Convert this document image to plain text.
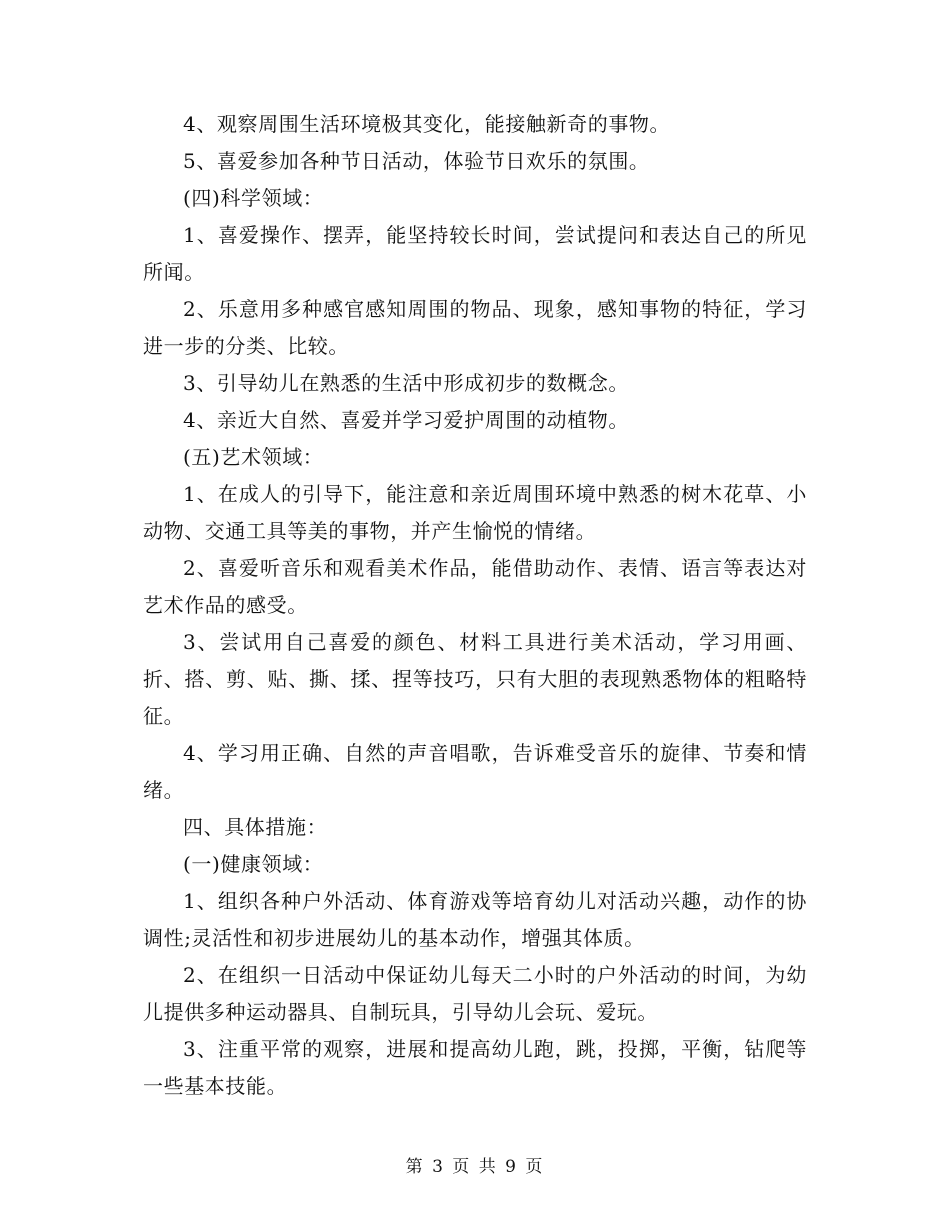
4、观察周围生活环境极其变化，能接触新奇的事物。

5、喜爱参加各种节日活动，体验节日欢乐的氛围。

(四)科学领域：

1、喜爱操作、摆弄，能坚持较长时间，尝试提问和表达自己的所见所闻。

2、乐意用多种感官感知周围的物品、现象，感知事物的特征，学习进一步的分类、比较。

3、引导幼儿在熟悉的生活中形成初步的数概念。

4、亲近大自然、喜爱并学习爱护周围的动植物。

(五)艺术领域：

1、在成人的引导下，能注意和亲近周围环境中熟悉的树木花草、小动物、交通工具等美的事物，并产生愉悦的情绪。

2、喜爱听音乐和观看美术作品，能借助动作、表情、语言等表达对艺术作品的感受。

3、尝试用自己喜爱的颜色、材料工具进行美术活动，学习用画、折、搭、剪、贴、撕、揉、捏等技巧，只有大胆的表现熟悉物体的粗略特征。

4、学习用正确、自然的声音唱歌，告诉难受音乐的旋律、节奏和情绪。

四、具体措施：

(一)健康领域：

1、组织各种户外活动、体育游戏等培育幼儿对活动兴趣，动作的协调性;灵活性和初步进展幼儿的基本动作，增强其体质。

2、在组织一日活动中保证幼儿每天二小时的户外活动的时间，为幼儿提供多种运动器具、自制玩具，引导幼儿会玩、爱玩。

3、注重平常的观察，进展和提高幼儿跑，跳，投掷，平衡，钻爬等一些基本技能。

第 3 页 共 9 页
